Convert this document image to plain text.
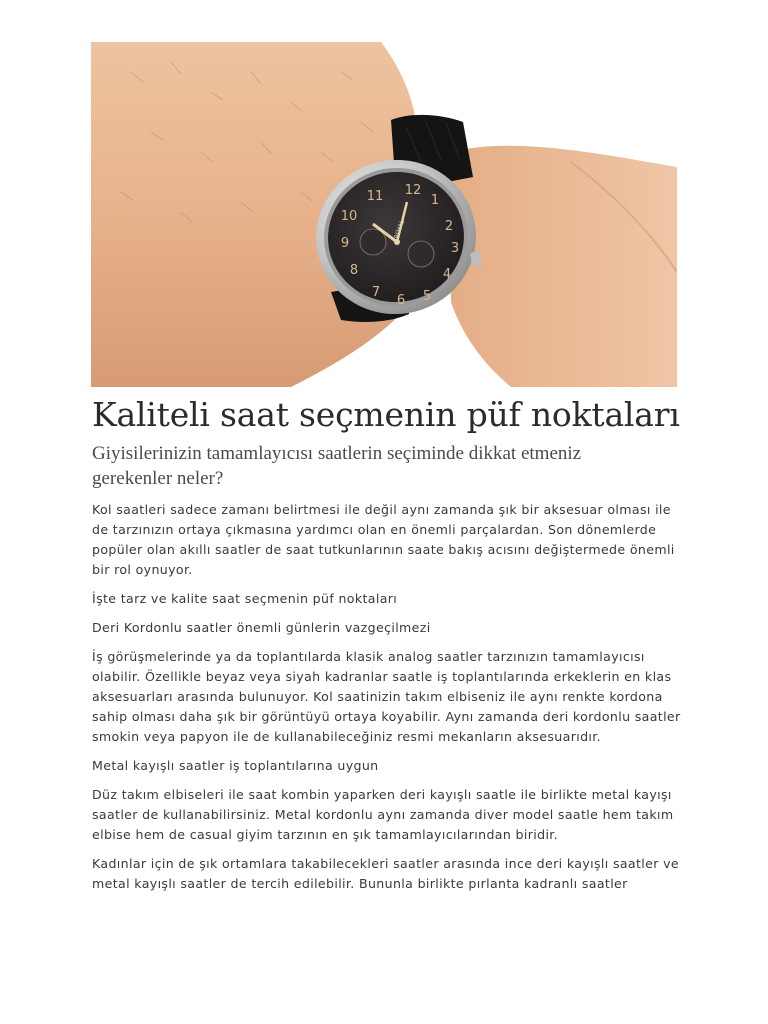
12
1
2
3
4
5
6
7
8
9
10
11
Kaliteli saat seçmenin püf noktaları
Giyisilerinizin tamamlayıcısı saatlerin seçiminde dikkat etmeniz gerekenler neler?

Kol saatleri sadece zamanı belirtmesi ile değil aynı zamanda şık bir aksesuar olması ile de tarzınızın ortaya çıkmasına yardımcı olan en önemli parçalardan. Son dönemlerde popüler olan akıllı saatler de saat tutkunlarının saate bakış acısını değiştermede önemli bir rol oynuyor.

İşte tarz ve kalite saat seçmenin püf noktaları

Deri Kordonlu saatler önemli günlerin vazgeçilmezi

İş görüşmelerinde ya da toplantılarda klasik analog saatler tarzınızın tamamlayıcısı olabilir. Özellikle beyaz veya siyah kadranlar saatle iş toplantılarında erkeklerin en klas aksesuarları arasında bulunuyor. Kol saatinizin takım elbiseniz ile aynı renkte kordona sahip olması daha şık bir görüntüyü ortaya koyabilir. Aynı zamanda deri kordonlu saatler smokin veya papyon ile de kullanabileceğiniz resmi mekanların aksesuarıdır.

Metal kayışlı saatler iş toplantılarına uygun

Düz takım elbiseleri ile saat kombin yaparken deri kayışlı saatle ile birlikte metal kayışı saatler de kullanabilirsiniz. Metal kordonlu aynı zamanda diver model saatle hem takım elbise hem de casual giyim tarzının en şık tamamlayıcılarından biridir.

Kadınlar için de şık ortamlara takabilecekleri saatler arasında ince deri kayışlı saatler ve metal kayışlı saatler de tercih edilebilir. Bununla birlikte pırlanta kadranlı saatler
